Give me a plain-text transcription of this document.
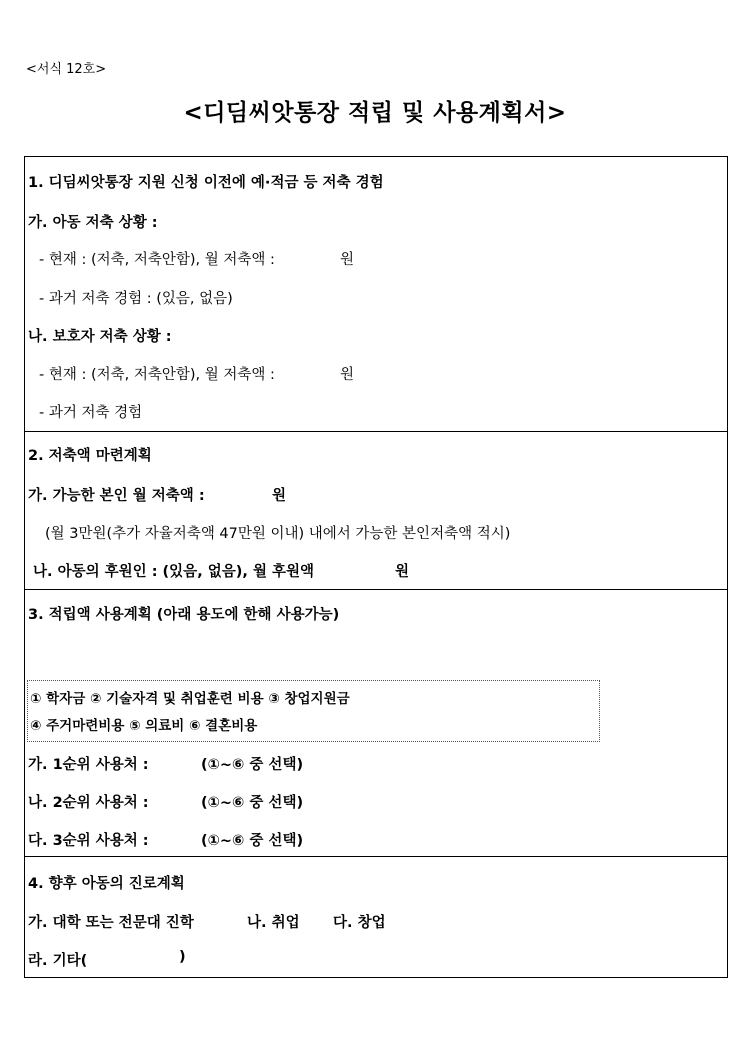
<서식 12호>
<디딤씨앗통장 적립 및 사용계획서>
1. 디딤씨앗통장 지원 신청 이전에 예·적금 등 저축 경험
가. 아동 저축 상황 :
- 현재 : (저축, 저축안함), 월 저축액 :	원
- 과거 저축 경험 : (있음, 없음)
나. 보호자 저축 상황 :
- 현재 : (저축, 저축안함), 월 저축액 :	원
- 과거 저축 경험
2. 저축액 마련계획
가. 가능한 본인 월 저축액 :	원
(월 3만원(추가 자율저축액 47만원 이내) 내에서 가능한 본인저축액 적시)
나. 아동의 후원인 : (있음, 없음), 월 후원액	원
3. 적립액 사용계획 (아래 용도에 한해 사용가능)
① 학자금 ② 기술자격 및 취업훈련 비용 ③ 창업지원금
④ 주거마련비용 ⑤ 의료비 ⑥ 결혼비용
가. 1순위 사용처 :	(①~⑥ 중 선택)
나. 2순위 사용처 :	(①~⑥ 중 선택)
다. 3순위 사용처 :	(①~⑥ 중 선택)
4. 향후 아동의 진로계획
가. 대학 또는 전문대 진학	나. 취업 다. 창업
라. 기타(	)
